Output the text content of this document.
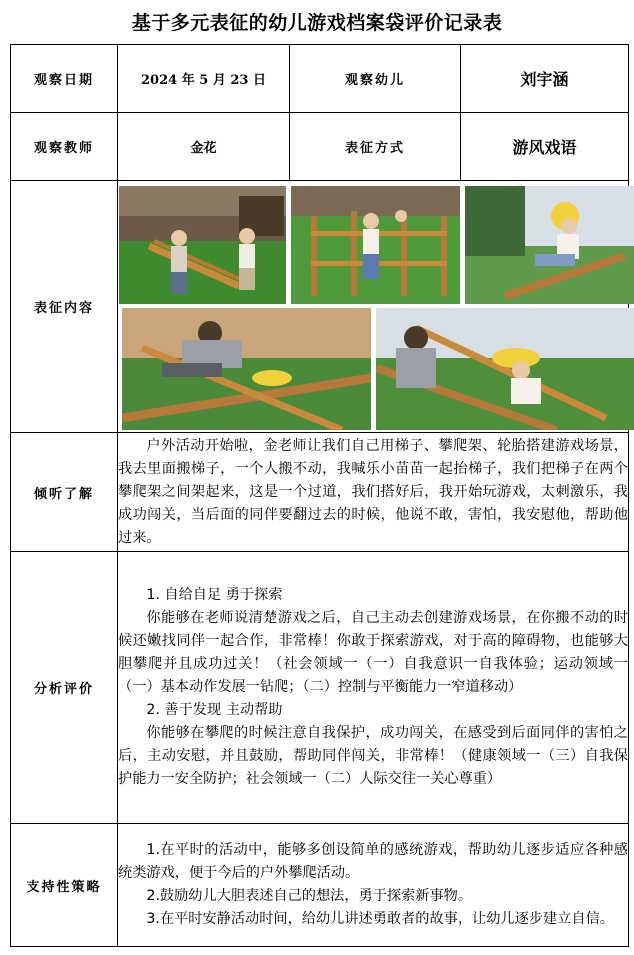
基于多元表征的幼儿游戏档案袋评价记录表
观察日期	2024 年 5 月 23 日	观察幼儿	刘宇涵
观察教师	金花	表征方式	游风戏语
表征内容	

倾听了解	户外活动开始啦，金老师让我们自己用梯子、攀爬架、轮胎搭建游戏场景，我去里面搬梯子，一个人搬不动，我喊乐小苗苗一起抬梯子，我们把梯子在两个攀爬架之间架起来，这是一个过道，我们搭好后，我开始玩游戏，太刺激乐，我成功闯关，当后面的同伴要翻过去的时候，他说不敢，害怕，我安慰他，帮助他过来。		

分析评价	1. 自给自足 勇于探索

你能够在老师说清楚游戏之后，自己主动去创建游戏场景，在你搬不动的时候还嫩找同伴一起合作，非常棒！你敢于探索游戏，对于高的障碍物，也能够大胆攀爬并且成功过关！（社会领域一（一）自我意识一自我体验；运动领域一（一）基本动作发展一钻爬；（二）控制与平衡能力一窄道移动）

2. 善于发现 主动帮助

你能够在攀爬的时候注意自我保护，成功闯关，在感受到后面同伴的害怕之后，主动安慰，并且鼓励，帮助同伴闯关，非常棒！（健康领域一（三）自我保护能力一安全防护；社会领域一（二）人际交往一关心尊重）		

支持性策略	1.在平时的活动中，能够多创设简单的感统游戏，帮助幼儿逐步适应各种感统类游戏，便于今后的户外攀爬活动。

2.鼓励幼儿大胆表述自己的想法，勇于探索新事物。

3.在平时安静活动时间，给幼儿讲述勇敢者的故事，让幼儿逐步建立自信。		
